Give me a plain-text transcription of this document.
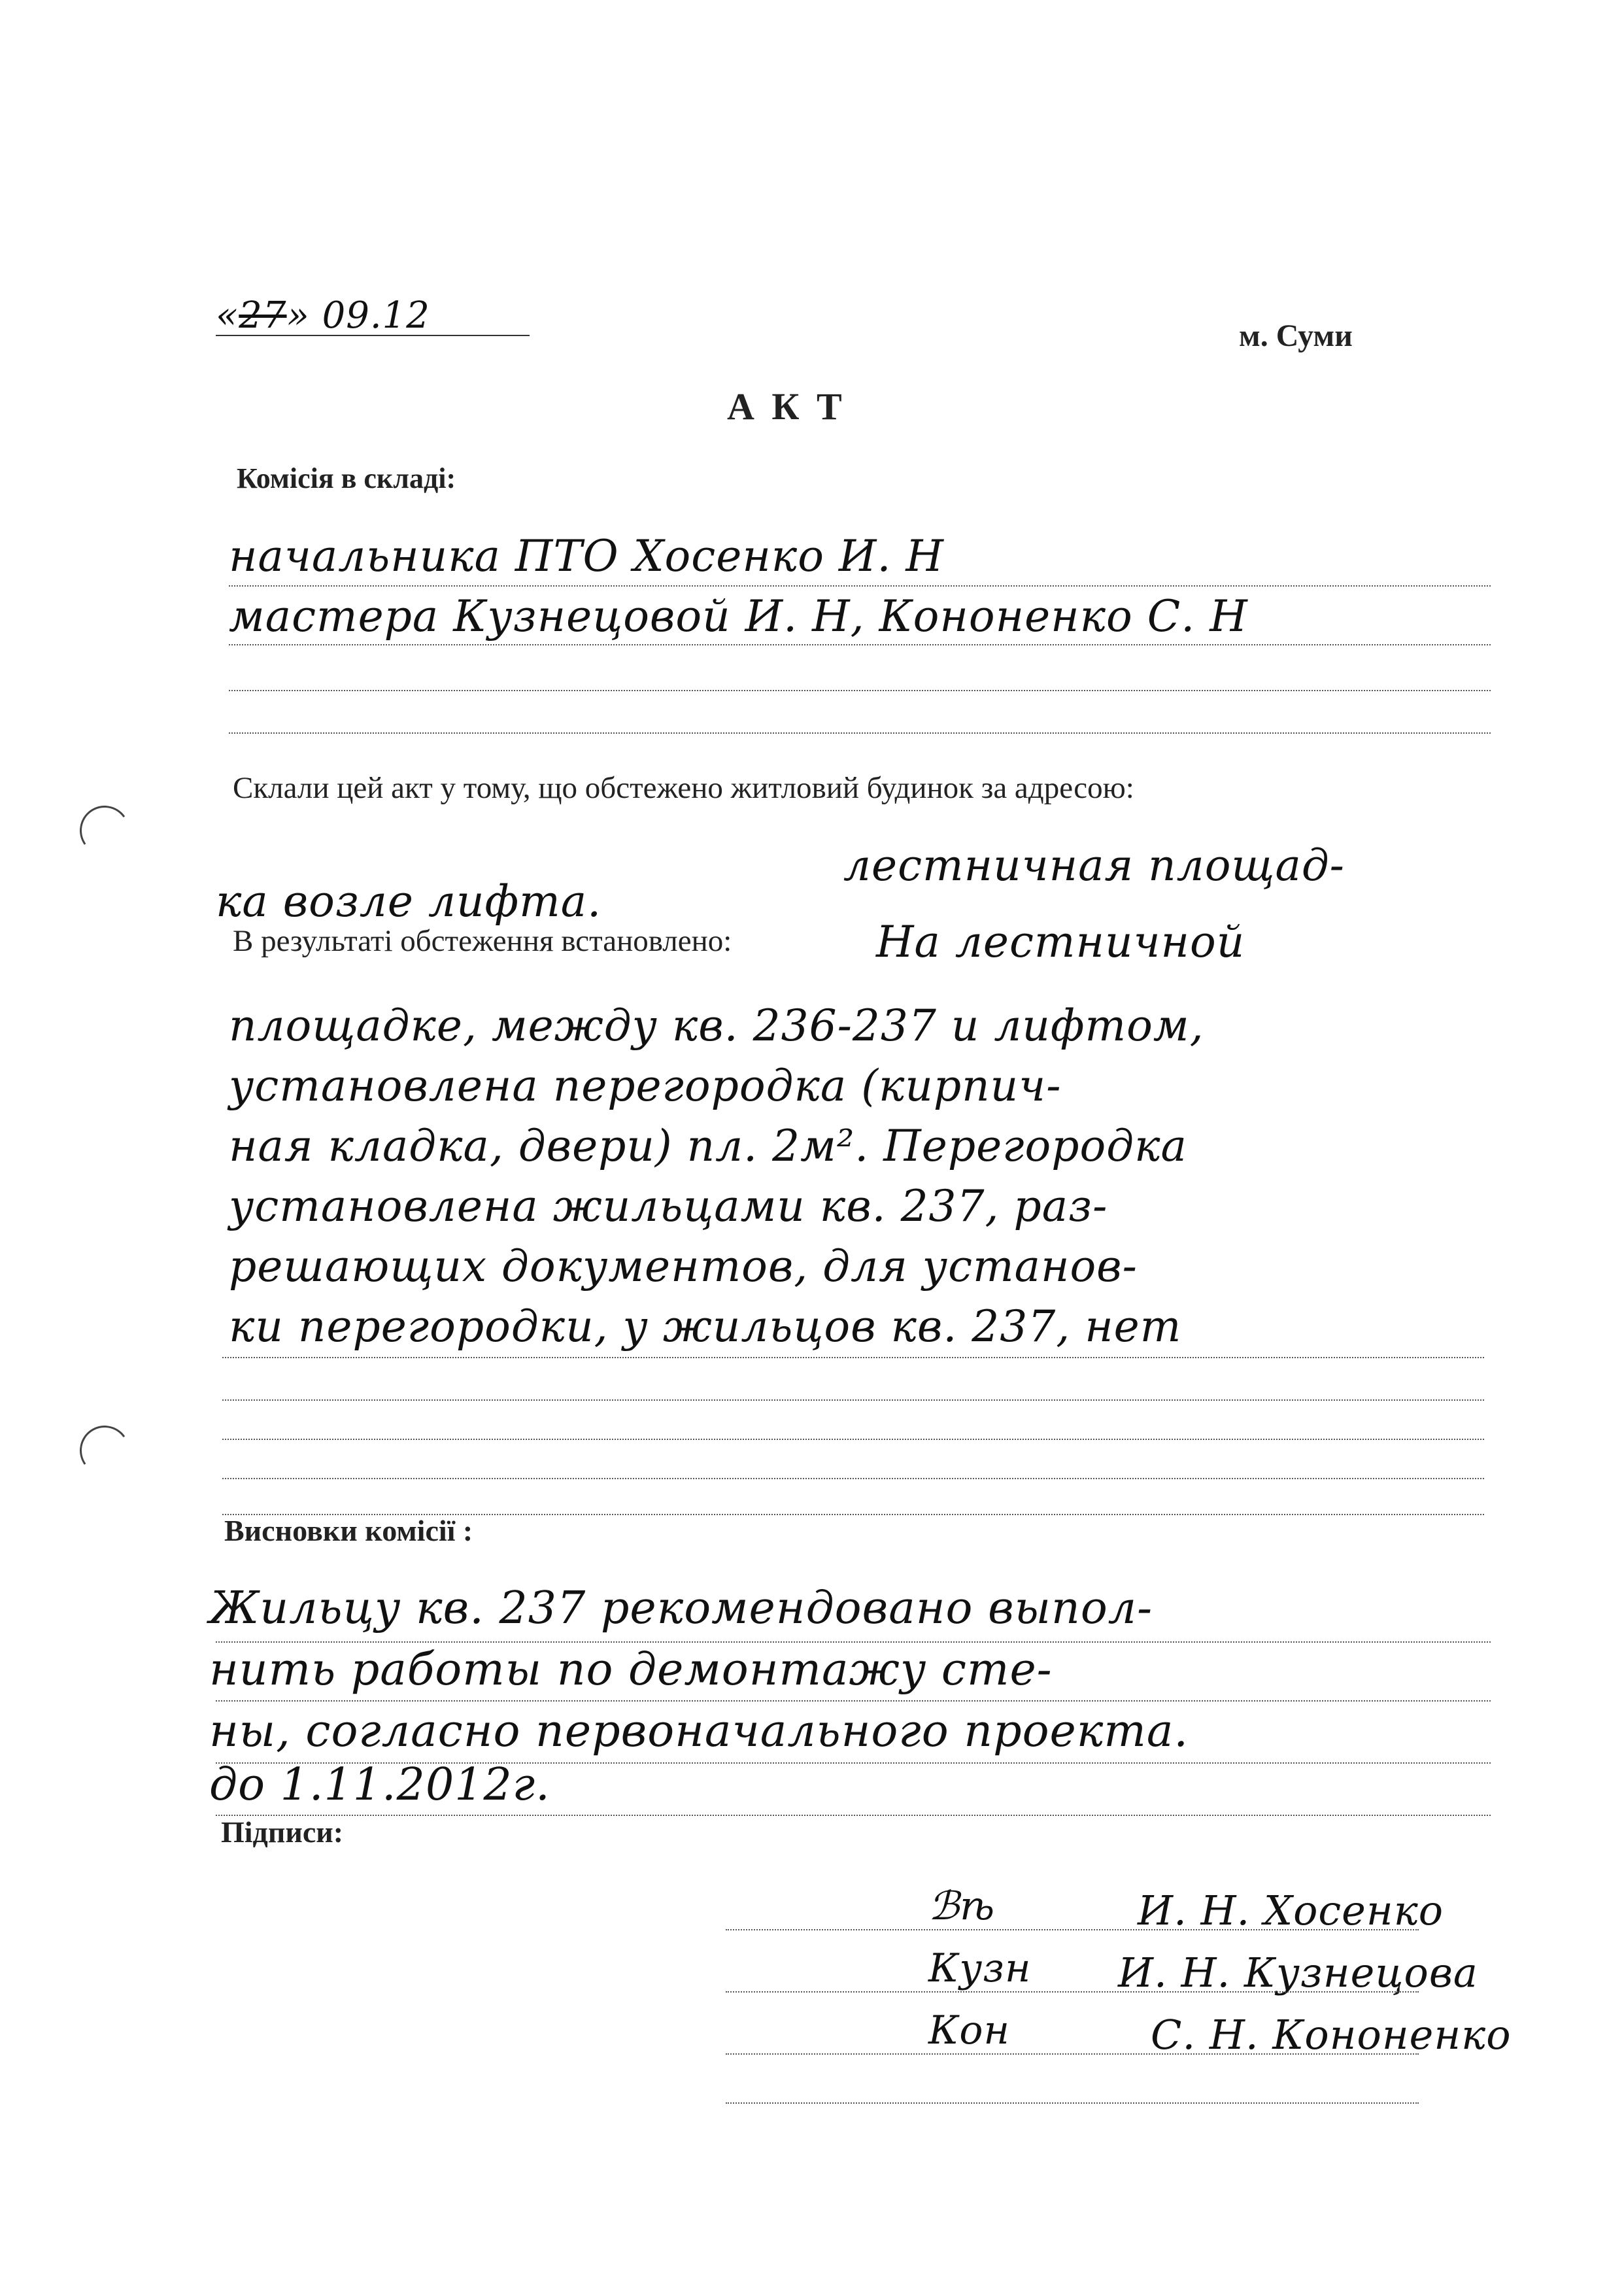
«27» 09.12	м. Суми
А К Т
Комісія в складі:
начальника ПТО Хосенко И. Н
мастера Кузнецовой И. Н, Кононенко С. Н
Склали цей акт у тому, що обстежено житловий будинок за адресою:
лестничная площад-
ка возле лифта.
В результаті обстеження встановлено:	На лестничной
площадке, между кв. 236-237 и лифтом,
установлена перегородка (кирпич-
ная кладка, двери) пл. 2м². Перегородка
установлена жильцами кв. 237, раз-
решающих документов, для установ-
ки перегородки, у жильцов кв. 237, нет
Висновки комісії :
Жильцу кв. 237 рекомендовано выпол-
нить работы по демонтажу сте-
ны, согласно первоначального проекта.
до 1.11.2012г.
Підписи:
ℬѣ	И. Н. Хосенко
Кузн И. Н. Кузнецова
Кон	С. Н. Кононенко
